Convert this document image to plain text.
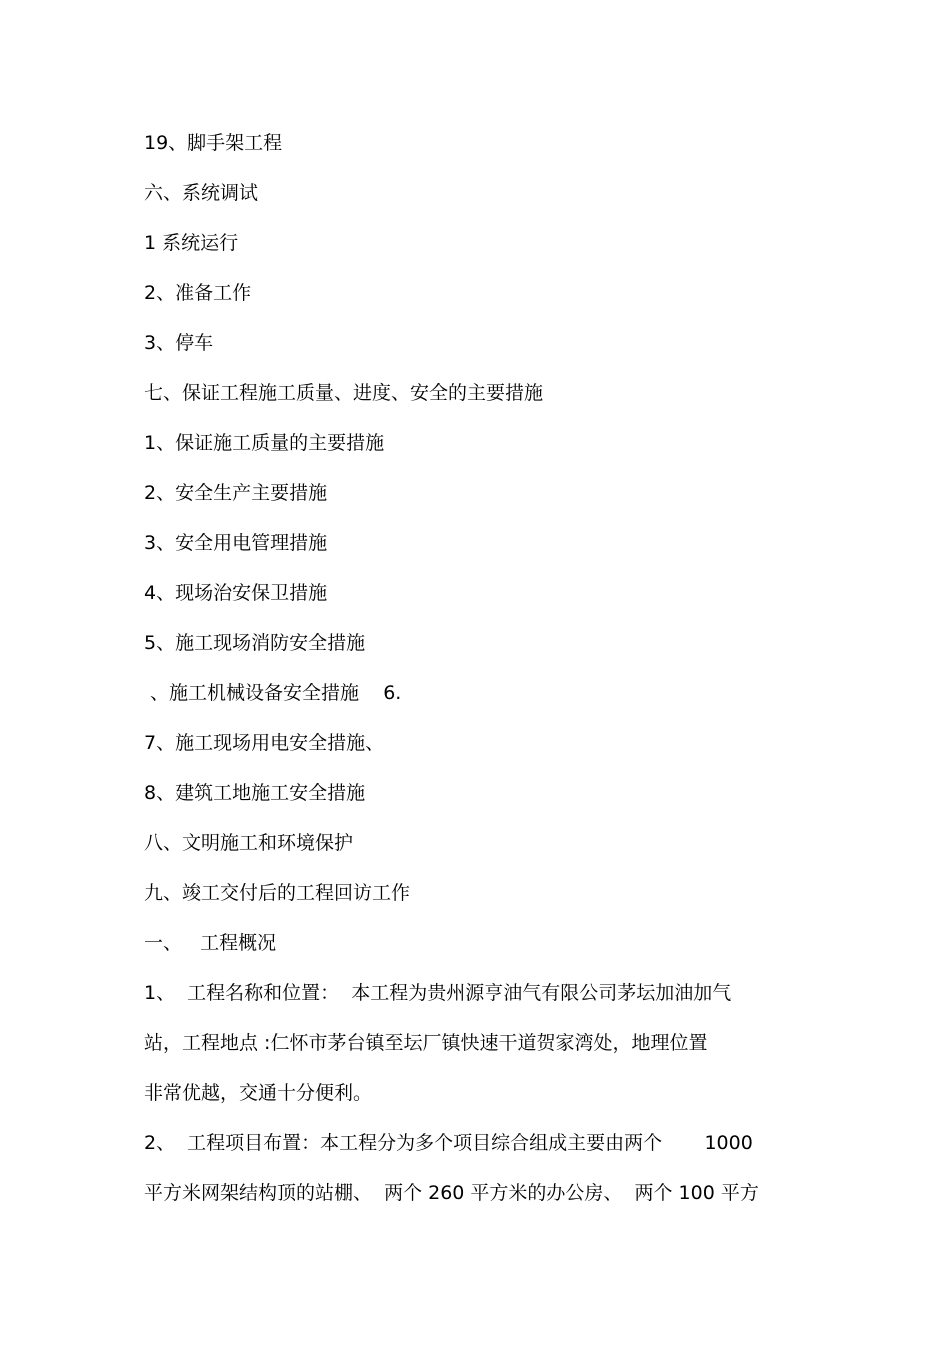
19、脚手架工程
六、系统调试
1 系统运行
2、准备工作
3、停车
七、保证工程施工质量、进度、安全的主要措施
1、保证施工质量的主要措施
2、安全生产主要措施
3、安全用电管理措施
4、现场治安保卫措施
5、施工现场消防安全措施
、施工机械设备安全措施    6.
7、施工现场用电安全措施、
8、建筑工地施工安全措施
八、文明施工和环境保护
九、竣工交付后的工程回访工作
一、   工程概况
1、  工程名称和位置：  本工程为贵州源亨油气有限公司茅坛加油加气
站，工程地点 :仁怀市茅台镇至坛厂镇快速干道贺家湾处，地理位置
非常优越，交通十分便利。
2、  工程项目布置：本工程分为多个项目综合组成主要由两个       1000
平方米网架结构顶的站棚、  两个 260 平方米的办公房、  两个 100 平方
